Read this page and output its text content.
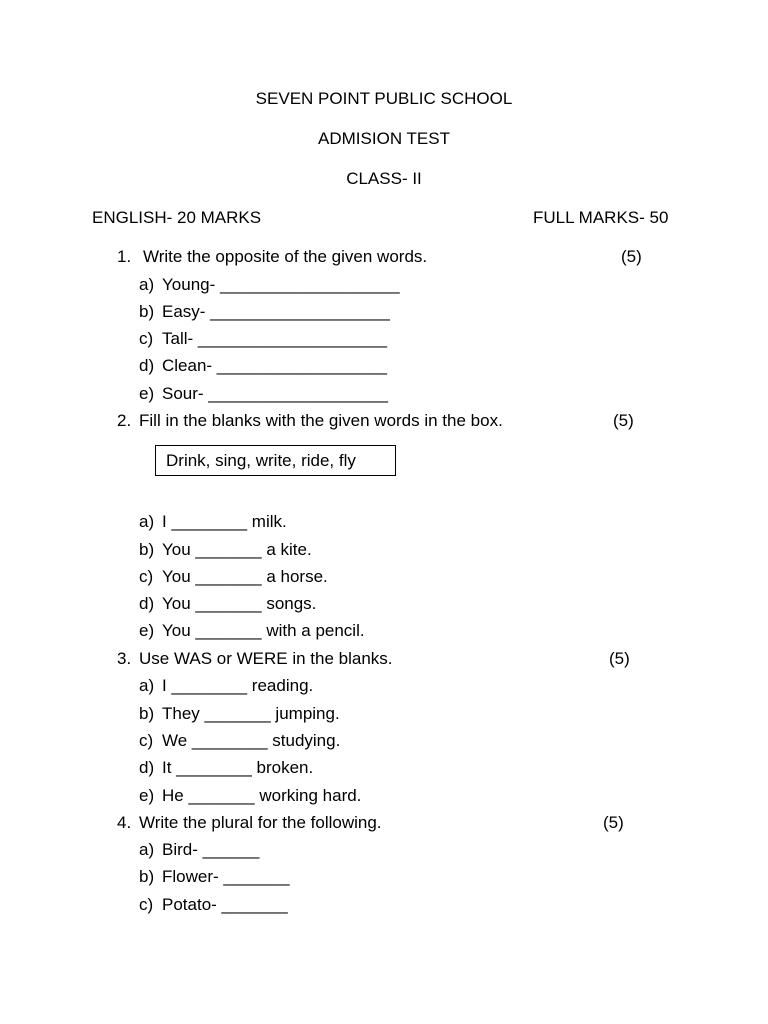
SEVEN POINT PUBLIC SCHOOL
ADMISION TEST
CLASS- II
ENGLISH- 20 MARKS	FULL MARKS- 50
1. Write the opposite of the given words.	(5)
a) Young- ___________________
b) Easy- ___________________
c) Tall- ____________________
d) Clean- __________________
e) Sour- ___________________
2. Fill in the blanks with the given words in the box.	(5)
Drink, sing, write, ride, fly
a) I ________ milk.
b) You _______ a kite.
c) You _______ a horse.
d) You _______ songs.
e) You _______ with a pencil.
3. Use WAS or WERE in the blanks.	(5)
a) I ________ reading.
b) They _______ jumping.
c) We ________ studying.
d) It ________ broken.
e) He _______ working hard.
4. Write the plural for the following.	(5)
a) Bird- ______
b) Flower- _______
c) Potato- _______
